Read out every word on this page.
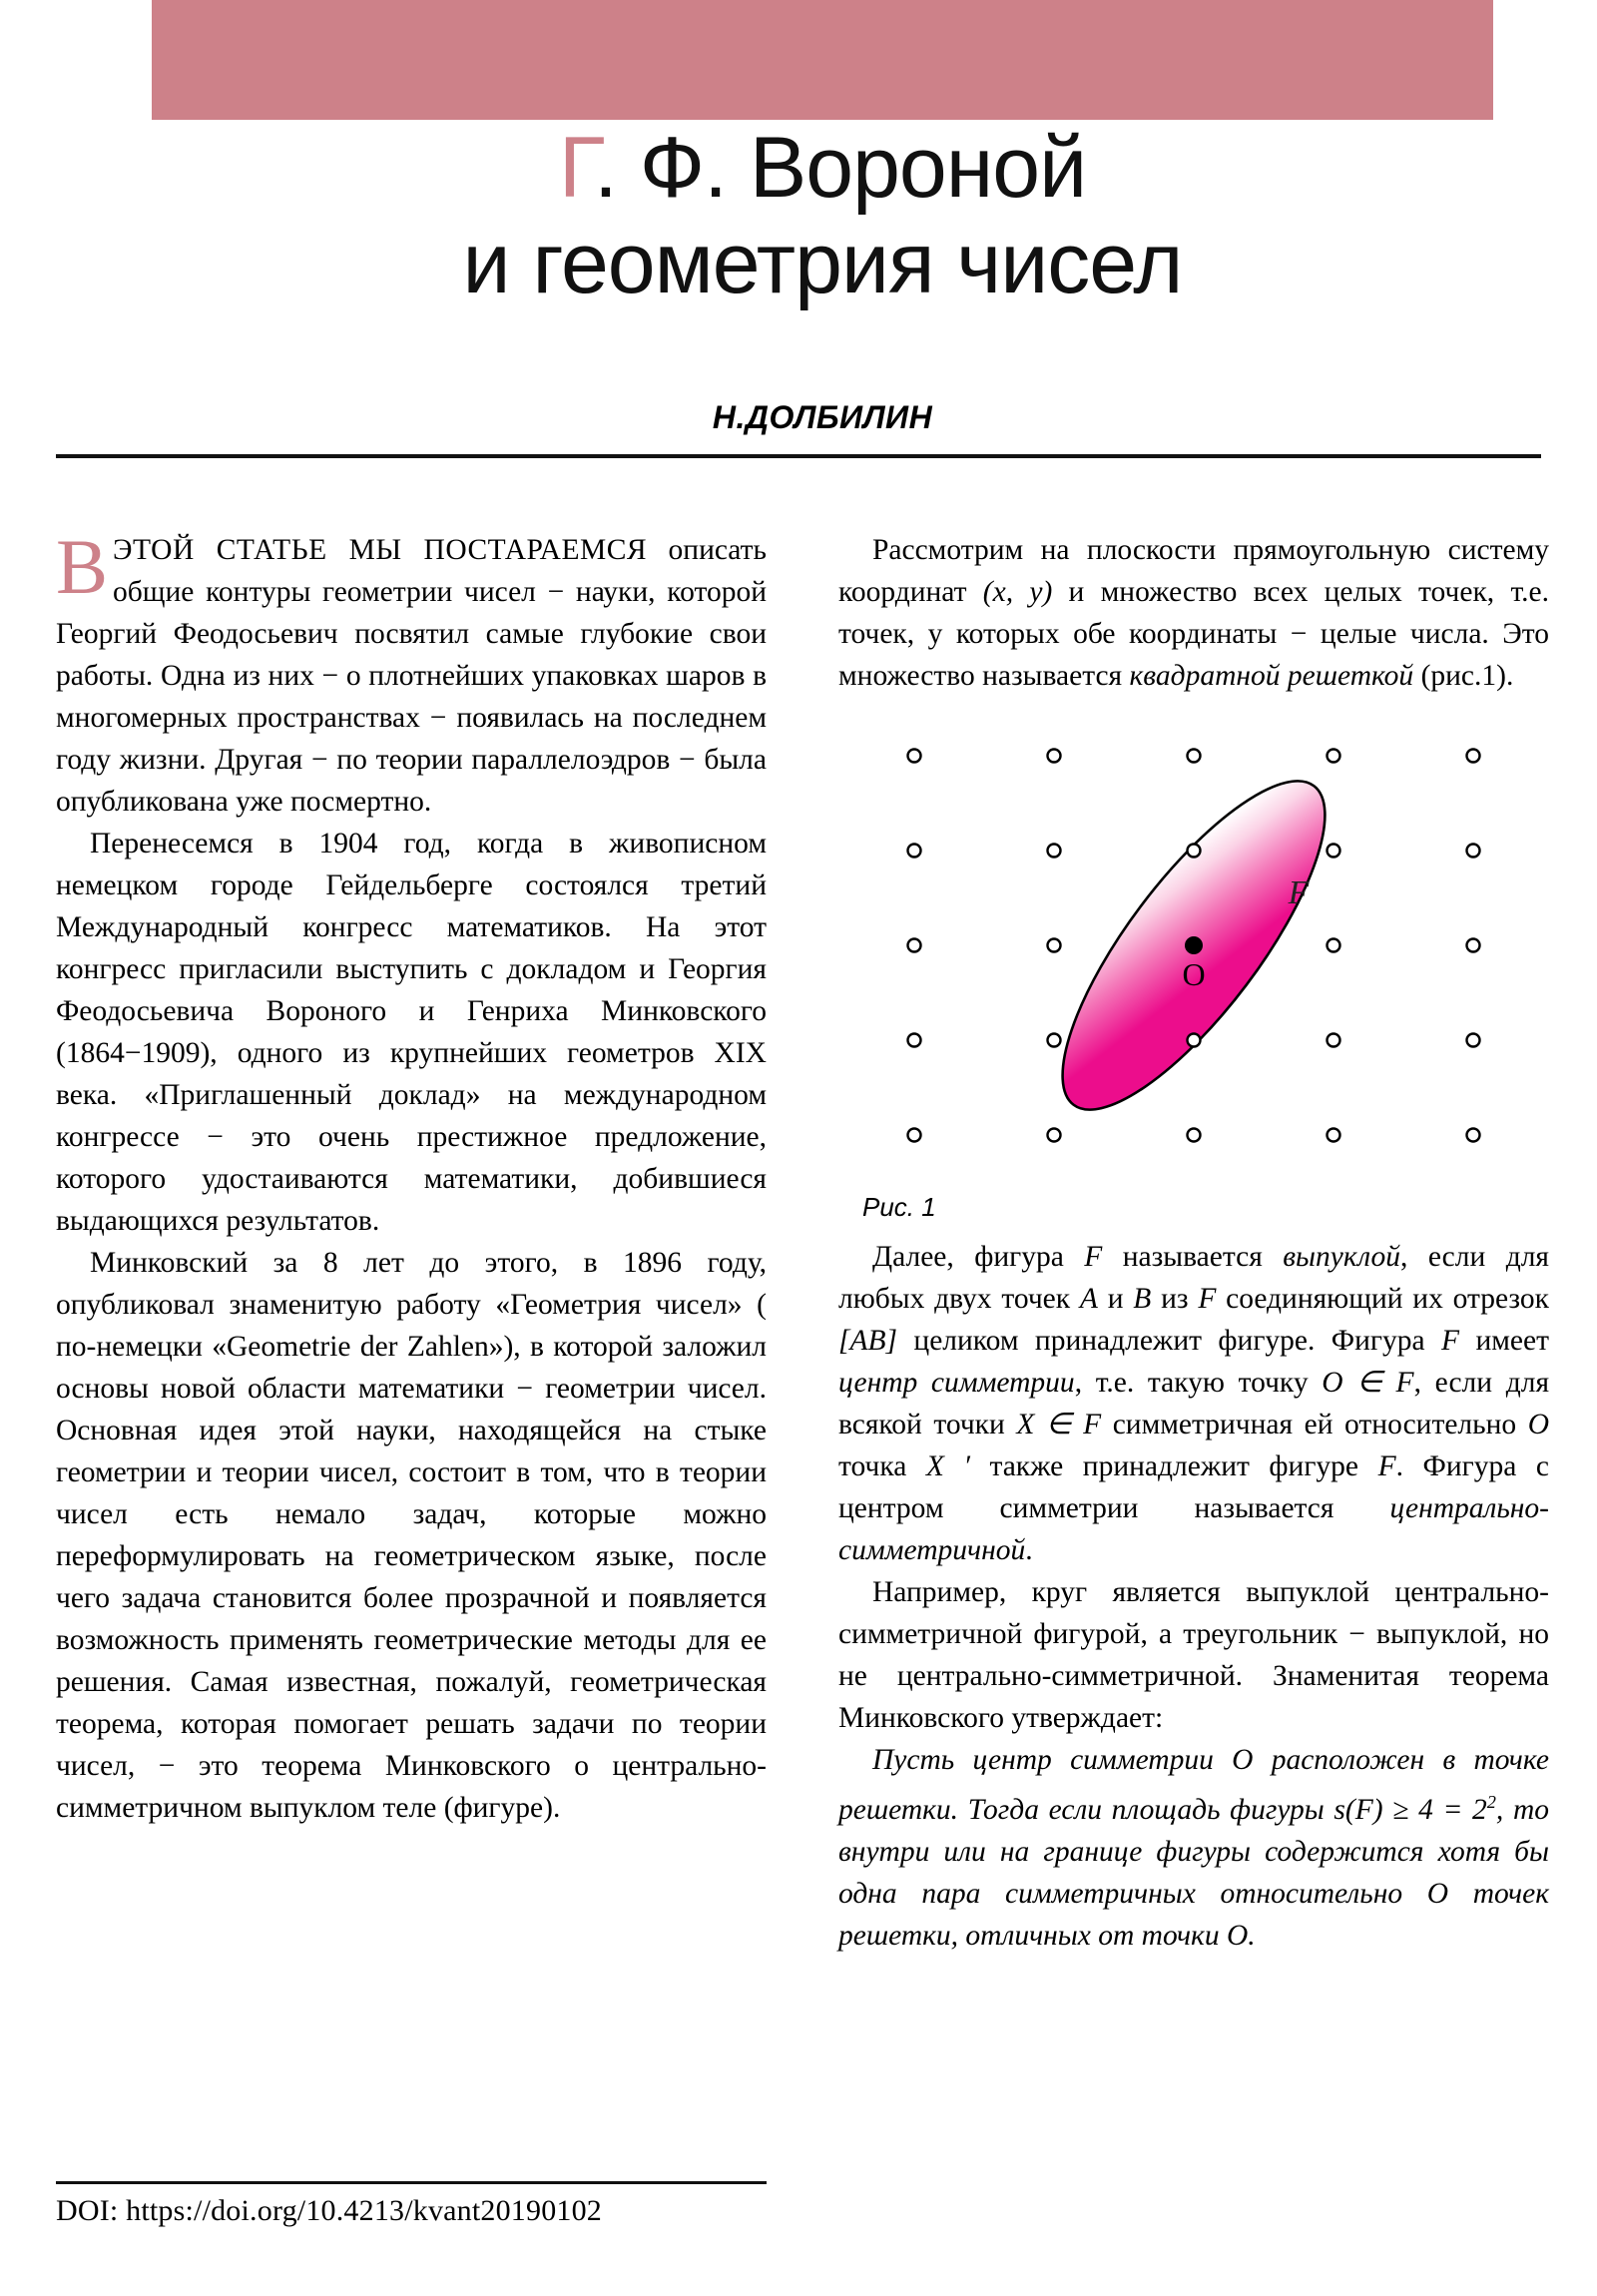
Г. Ф. Вороной
и геометрия чисел
Н.ДОЛБИЛИН

ВЭТОЙ СТАТЬЕ МЫ ПОСТАРАЕМСЯ описать общие контуры геометрии чисел − науки, которой Георгий Феодосьевич посвятил самые глубокие свои работы. Одна из них − о плотнейших упаковках шаров в многомерных пространствах − появилась на последнем году жизни. Другая − по теории параллелоэдров − была опубликована уже посмертно.

Перенесемся в 1904 год, когда в живописном немецком городе Гейдельберге состоялся третий Международный конгресс математиков. На этот конгресс пригласили выступить с докладом и Георгия Феодосьевича Вороного и Генриха Минковского (1864−1909), одного из крупнейших геометров XIX века. «Приглашенный доклад» на международном конгрессе − это очень престижное предложение, которого удостаиваются математики, добившиеся выдающихся результатов.

Минковский за 8 лет до этого, в 1896 году, опубликовал знаменитую работу «Геометрия чисел» ( по-немецки «Geometrie der Zahlen»), в которой заложил основы новой области математики − геометрии чисел. Основная идея этой науки, находящейся на стыке геометрии и теории чисел, состоит в том, что в теории чисел есть немало задач, которые можно переформулировать на геометрическом языке, после чего задача становится более прозрачной и появляется возможность применять геометрические методы для ее решения. Самая известная, пожалуй, геометрическая теорема, которая помогает решать задачи по теории чисел, − это теорема Минковского о центрально-симметричном выпуклом теле (фигуре).

Рассмотрим на плоскости прямоугольную систему координат (x, y) и множество всех целых точек, т.е. точек, у которых обе координаты − целые числа. Это множество называется квадратной решеткой (рис.1).

O
F
Рис. 1

Далее, фигура F называется выпуклой, если для любых двух точек A и B из F соединяющий их отрезок [AB] целиком принадлежит фигуре. Фигура F имеет центр симметрии, т.е. такую точку O ∈ F, если для всякой точки X ∈ F симметричная ей относительно O точка X ′ также принадлежит фигуре F. Фигура с центром симметрии называется центрально-симметричной.

Например, круг является выпуклой центрально-симметричной фигурой, а треугольник − выпуклой, но не центрально-симметричной. Знаменитая теорема Минковского утверждает:

Пусть центр симметрии O расположен в точке решетки. Тогда если площадь фигуры $s(F) \ge 4 = 2^2$, то внутри или на границе фигуры содержится хотя бы одна пара симметричных относительно O точек решетки, отличных от точки O.

DOI: https://doi.org/10.4213/kvant20190102
